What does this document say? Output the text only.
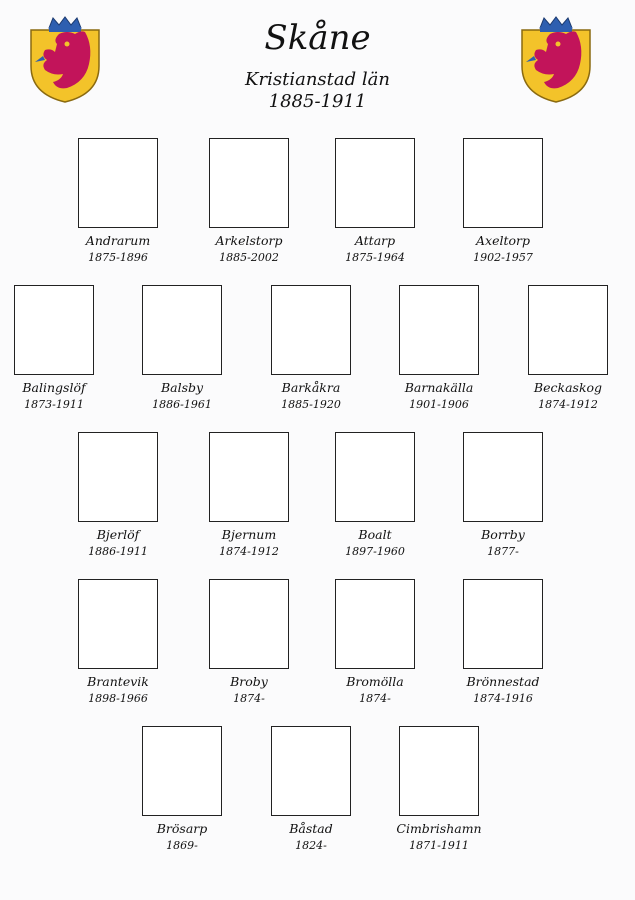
Skåne
Kristianstad län
1885-1911
Andrarum
1875-1896
Arkelstorp
1885-2002
Attarp
1875-1964
Axeltorp
1902-1957
Balingslöf
1873-1911
Balsby
1886-1961
Barkåkra
1885-1920
Barnakälla
1901-1906
Beckaskog
1874-1912
Bjerlöf
1886-1911
Bjernum
1874-1912
Boalt
1897-1960
Borrby
1877-
Brantevik
1898-1966
Broby
1874-
Bromölla
1874-
Brönnestad
1874-1916
Brösarp
1869-
Båstad
1824-
Cimbrishamn
1871-1911
